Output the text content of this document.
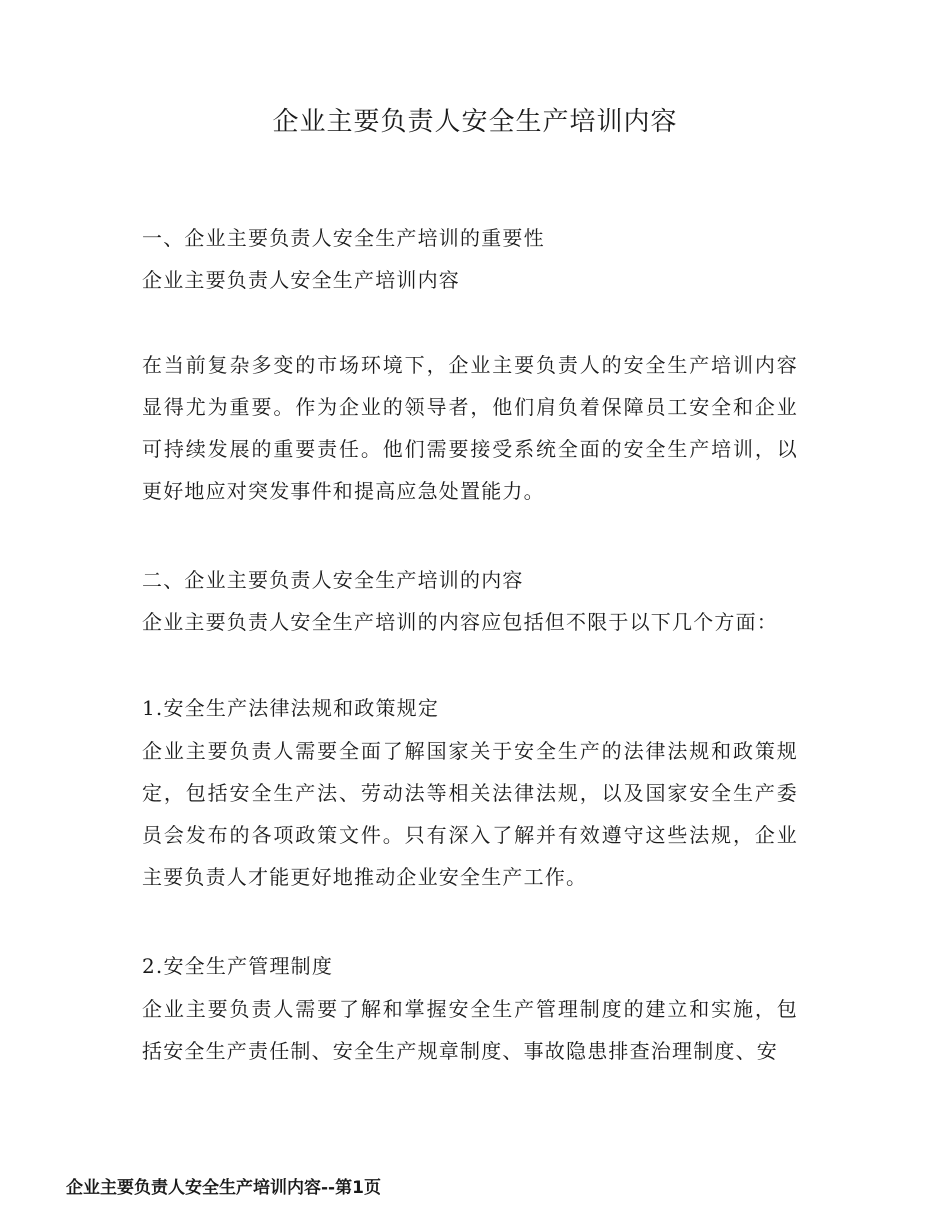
企业主要负责人安全生产培训内容

一、企业主要负责人安全生产培训的重要性

企业主要负责人安全生产培训内容

在当前复杂多变的市场环境下，企业主要负责人的安全生产培训内容显得尤为重要。作为企业的领导者，他们肩负着保障员工安全和企业可持续发展的重要责任。他们需要接受系统全面的安全生产培训，以更好地应对突发事件和提高应急处置能力。

二、企业主要负责人安全生产培训的内容

企业主要负责人安全生产培训的内容应包括但不限于以下几个方面：

1.安全生产法律法规和政策规定

企业主要负责人需要全面了解国家关于安全生产的法律法规和政策规定，包括安全生产法、劳动法等相关法律法规，以及国家安全生产委员会发布的各项政策文件。只有深入了解并有效遵守这些法规，企业主要负责人才能更好地推动企业安全生产工作。

2.安全生产管理制度

企业主要负责人需要了解和掌握安全生产管理制度的建立和实施，包括安全生产责任制、安全生产规章制度、事故隐患排查治理制度、安

企业主要负责人安全生产培训内容--第1页
